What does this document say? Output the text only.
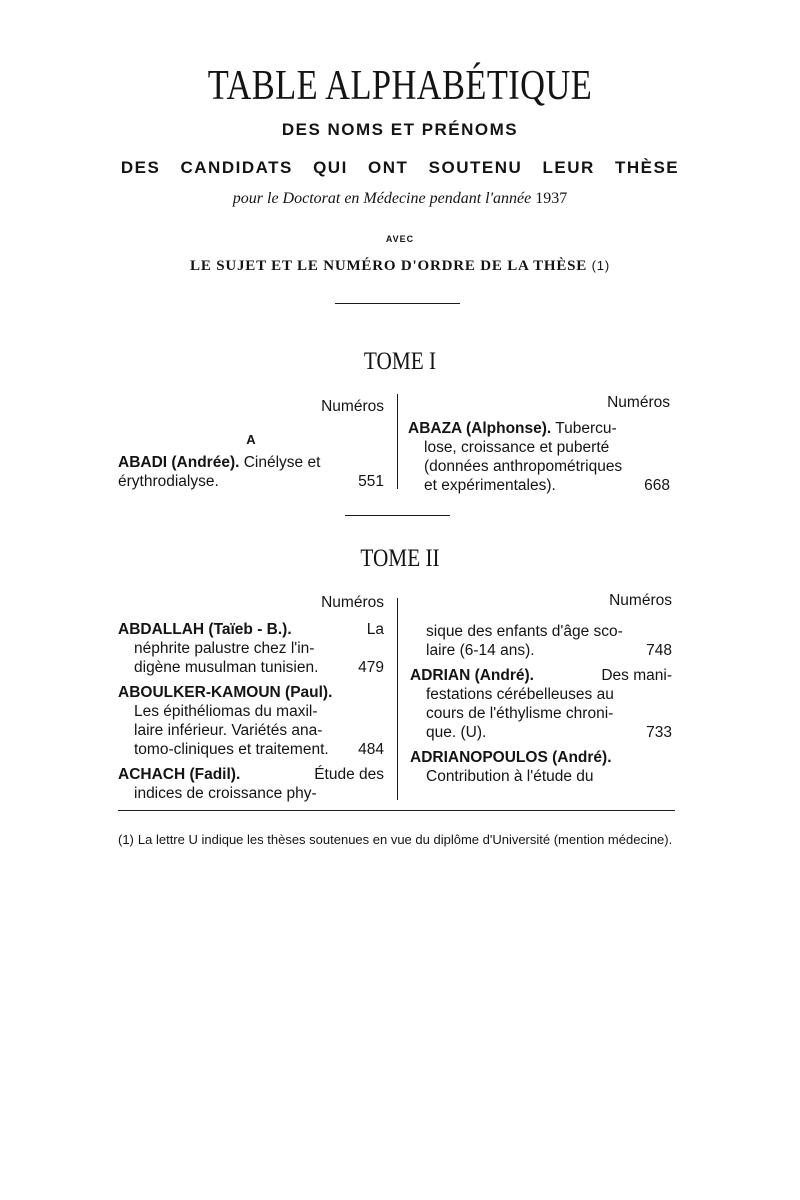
TABLE ALPHABÉTIQUE
DES NOMS ET PRÉNOMS
DES CANDIDATS QUI ONT SOUTENU LEUR THÈSE
pour le Doctorat en Médecine pendant l'année 1937
AVEC
LE SUJET ET LE NUMÉRO D'ORDRE DE LA THÈSE (1)
TOME I
Numéros
A
ABADI (Andrée). Cinélyse et
érythrodialyse.	551
Numéros
ABAZA (Alphonse). Tubercu-
lose, croissance et puberté
(données anthropométriques
et expérimentales).	668
TOME II
Numéros
ABDALLAH (Taïeb - B.).	La
néphrite palustre chez l'in-
digène musulman tunisien.	479
ABOULKER-KAMOUN (Paul).
Les épithéliomas du maxil-
laire inférieur. Variétés ana-
tomo-cliniques et traitement.	484
ACHACH (Fadil).	Étude des
indices de croissance phy-
Numéros
sique des enfants d'âge sco-
laire (6-14 ans).	748
ADRIAN (André).	Des mani-
festations cérébelleuses au
cours de l'éthylisme chroni-
que. (U).	733
ADRIANOPOULOS (André).
Contribution à l'étude du
(1) La lettre U indique les thèses soutenues en vue du diplôme d'Université (mention médecine).
